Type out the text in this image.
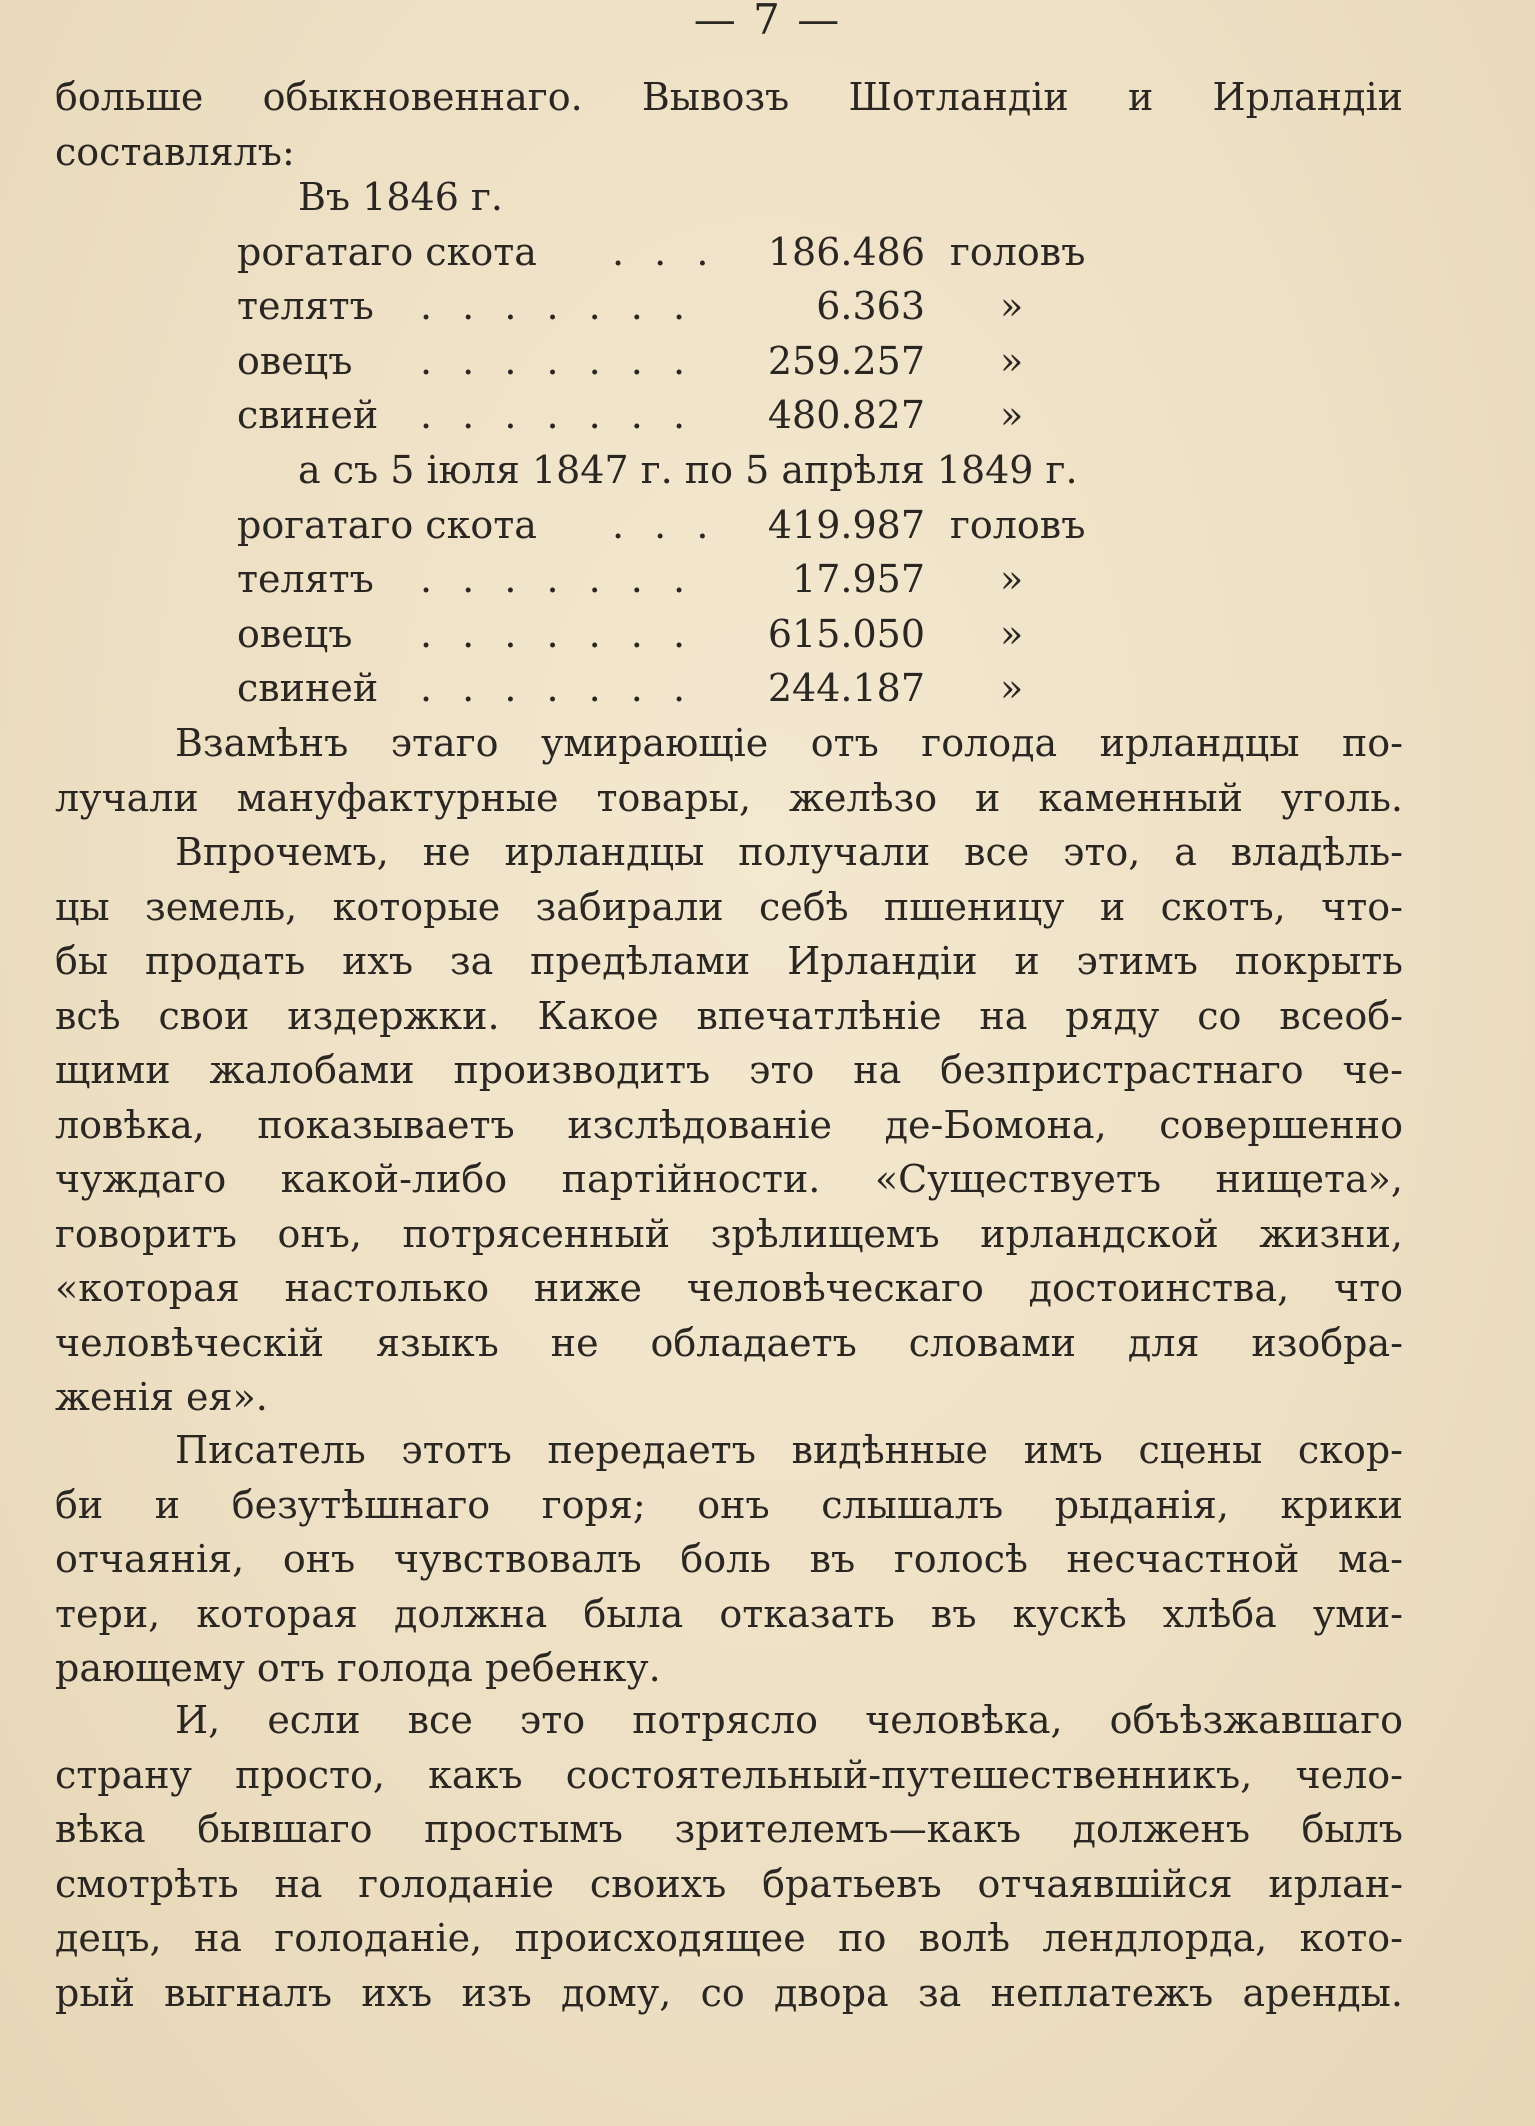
— 7 —
больше обыкновеннаго. Вывозъ Шотландiи и Ирландiи
составлялъ:
Въ 1846 г.
рогатаго скота . . .	186.486 головъ
телятъ . . . . . . .	6.363 »
овецъ . . . . . . .	259.257 »
свиней . . . . . . .	480.827 »
а съ 5 iюля 1847 г. по 5 апрѣля 1849 г.
рогатаго скота . . .	419.987 головъ
телятъ . . . . . . .	17.957 »
овецъ . . . . . . .	615.050 »
свиней . . . . . . .	244.187 »
Взамѣнъ этаго умирающiе отъ голода ирландцы по-
лучали мануфактурные товары, желѣзо и каменный уголь.
Впрочемъ, не ирландцы получали все это, а владѣль-
цы земель, которые забирали себѣ пшеницу и скотъ, что-
бы продать ихъ за предѣлами Ирландiи и этимъ покрыть
всѣ свои издержки. Какое впечатлѣнiе на ряду со всеоб-
щими жалобами производитъ это на безпристрастнаго че-
ловѣка, показываетъ изслѣдованiе де-Бомона, совершенно
чуждаго какой-либо партiйности. «Существуетъ нищета»,
говоритъ онъ, потрясенный зрѣлищемъ ирландской жизни,
«которая настолько ниже человѣческаго достоинства, что
человѣческiй языкъ не обладаетъ словами для изобра-
женiя ея».
Писатель этотъ передаетъ видѣнные имъ сцены скор-
би и безутѣшнаго горя; онъ слышалъ рыданiя, крики
отчаянiя, онъ чувствовалъ боль въ голосѣ несчастной ма-
тери, которая должна была отказать въ кускѣ хлѣба уми-
рающему отъ голода ребенку.
И, если все это потрясло человѣка, объѣзжавшаго
страну просто, какъ состоятельный-путешественникъ, чело-
вѣка бывшаго простымъ зрителемъ—какъ долженъ былъ
смотрѣть на голоданiе своихъ братьевъ отчаявшiйся ирлан-
децъ, на голоданiе, происходящее по волѣ лендлорда, кото-
рый выгналъ ихъ изъ дому, со двора за неплатежъ аренды.
